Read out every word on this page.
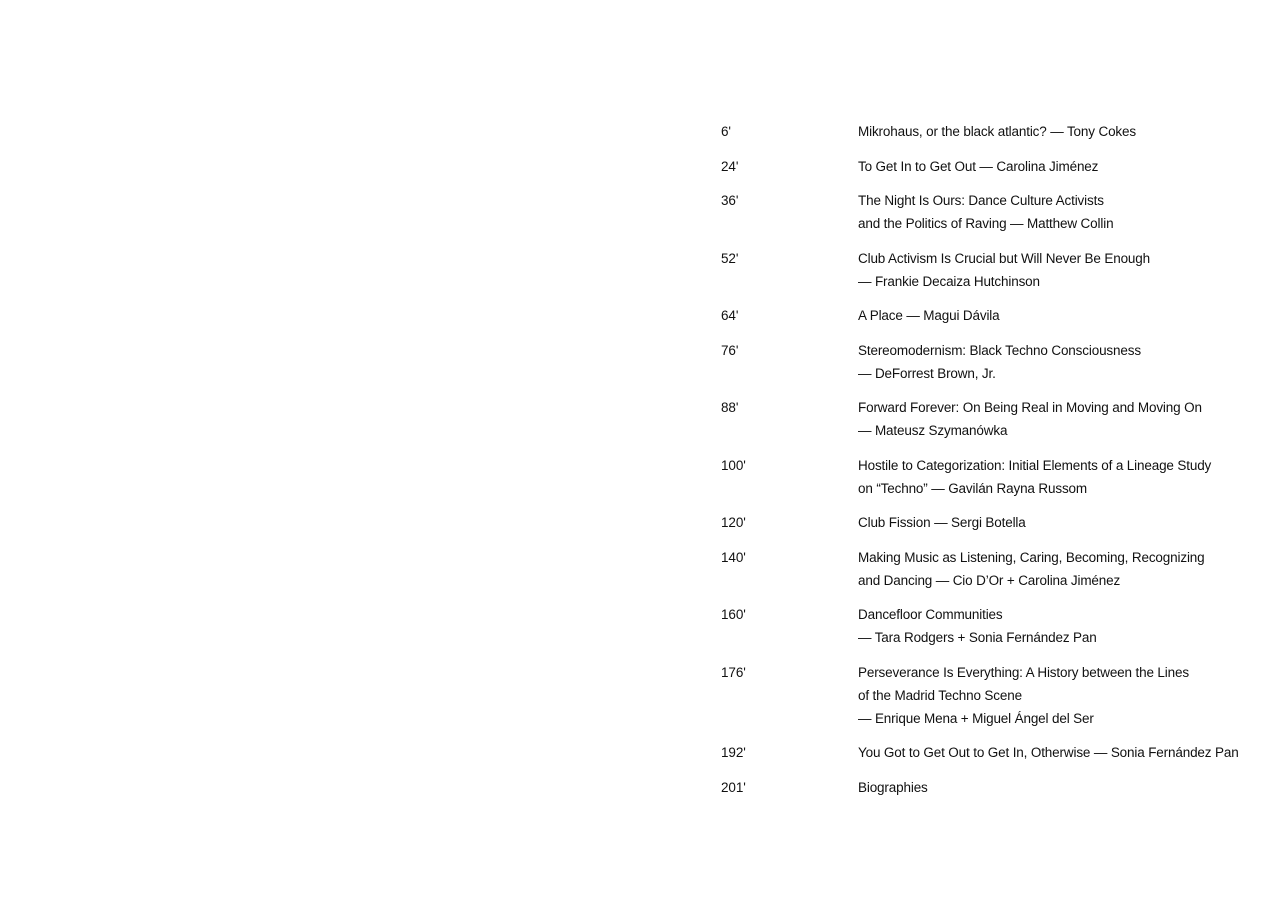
6'	Mikrohaus, or the black atlantic? — Tony Cokes
24'	To Get In to Get Out — Carolina Jiménez
36'	The Night Is Ours: Dance Culture Activists
and the Politics of Raving — Matthew Collin
52'	Club Activism Is Crucial but Will Never Be Enough
— Frankie Decaiza Hutchinson
64'	A Place — Magui Dávila
76'	Stereomodernism: Black Techno Consciousness
— DeForrest Brown, Jr.
88'	Forward Forever: On Being Real in Moving and Moving On
— Mateusz Szymanówka
100'	Hostile to Categorization: Initial Elements of a Lineage Study
on “Techno” — Gavilán Rayna Russom
120'	Club Fission — Sergi Botella
140'	Making Music as Listening, Caring, Becoming, Recognizing
and Dancing — Cio D’Or + Carolina Jiménez
160'	Dancefloor Communities
— Tara Rodgers + Sonia Fernández Pan
176'	Perseverance Is Everything: A History between the Lines
of the Madrid Techno Scene
— Enrique Mena + Miguel Ángel del Ser
192'	You Got to Get Out to Get In, Otherwise — Sonia Fernández Pan
201'	Biographies
